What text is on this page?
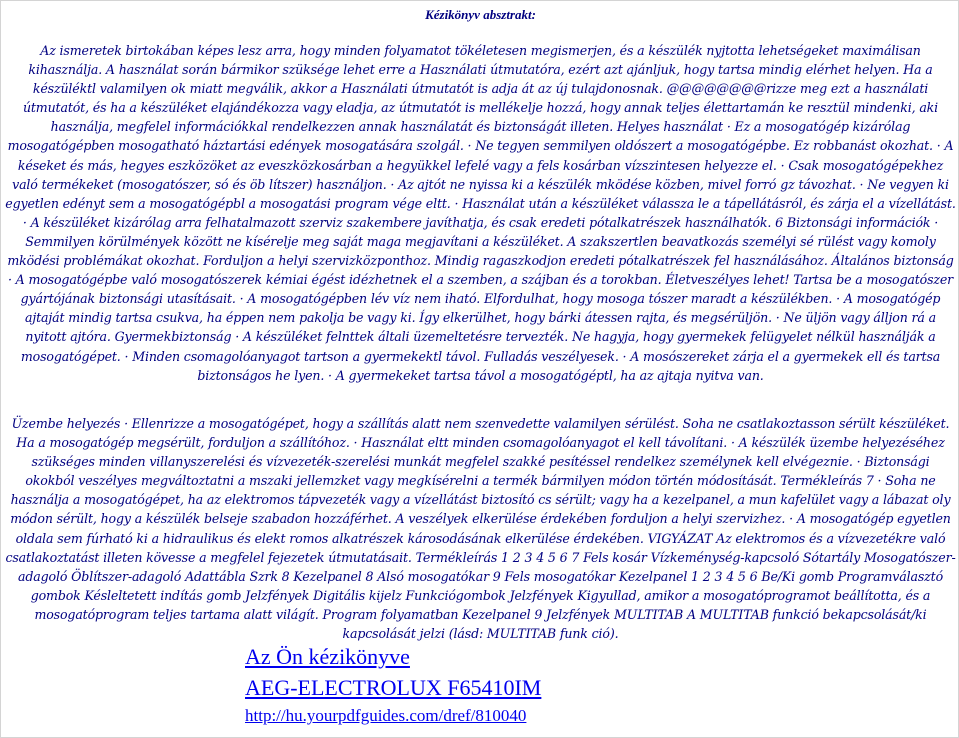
Kézikönyv absztrakt:
Az ismeretek birtokában képes lesz arra, hogy minden folyamatot tökéletesen megismerjen, és a készülék nyjtotta lehetségeket maximálisan kihasználja. A használat során bármikor szüksége lehet erre a Használati útmutatóra, ezért azt ajánljuk, hogy tartsa mindig elérhet helyen. Ha a készüléktl valamilyen ok miatt megválik, akkor a Használati útmutatót is adja át az új tulajdonosnak. @@@@@@@@rizze meg ezt a használati útmutatót, és ha a készüléket elajándékozza vagy eladja, az útmutatót is mellékelje hozzá, hogy annak teljes élettartamán ke resztül mindenki, aki használja, megfelel információkkal rendelkezzen annak használatát és biztonságát illeten. Helyes használat · Ez a mosogatógép kizárólag mosogatógépben mosogatható háztartási edények mosogatására szolgál. · Ne tegyen semmilyen oldószert a mosogatógépbe. Ez robbanást okozhat. · A késeket és más, hegyes eszközöket az eveszközkosárban a hegyükkel lefelé vagy a fels kosárban vízszintesen helyezze el. · Csak mosogatógépekhez való termékeket (mosogatószer, só és öb lítszer) használjon. · Az ajtót ne nyissa ki a készülék mködése közben, mivel forró gz távozhat. · Ne vegyen ki egyetlen edényt sem a mosogatógépbl a mosogatási program vége eltt. · Használat után a készüléket válassza le a tápellátásról, és zárja el a vízellátást. · A készüléket kizárólag arra felhatalmazott szerviz szakembere javíthatja, és csak eredeti pótalkatrészek használhatók. 6 Biztonsági információk · Semmilyen körülmények között ne kísérelje meg saját maga megjavítani a készüléket. A szakszertlen beavatkozás személyi sé rülést vagy komoly mködési problémákat okozhat. Forduljon a helyi szervizközponthoz. Mindig ragaszkodjon eredeti pótalkatrészek fel használásához. Általános biztonság · A mosogatógépbe való mosogatószerek kémiai égést idézhetnek el a szemben, a szájban és a torokban. Életveszélyes lehet! Tartsa be a mosogatószer gyártójának biztonsági utasításait. · A mosogatógépben lév víz nem iható. Elfordulhat, hogy mosoga tószer maradt a készülékben. · A mosogatógép ajtaját mindig tartsa csukva, ha éppen nem pakolja be vagy ki. Így elkerülhet, hogy bárki átessen rajta, és megsérüljön. · Ne üljön vagy álljon rá a nyitott ajtóra. Gyermekbiztonság · A készüléket felnttek általi üzemeltetésre tervezték. Ne hagyja, hogy gyermekek felügyelet nélkül használják a mosogatógépet. · Minden csomagolóanyagot tartson a gyermekektl távol. Fulladás veszélyesek. · A mosószereket zárja el a gyermekek ell és tartsa biztonságos he lyen. · A gyermekeket tartsa távol a mosogatógéptl, ha az ajtaja nyitva van.
Üzembe helyezés · Ellenrizze a mosogatógépet, hogy a szállítás alatt nem szenvedette valamilyen sérülést. Soha ne csatlakoztasson sérült készüléket. Ha a mosogatógép megsérült, forduljon a szállítóhoz. · Használat eltt minden csomagolóanyagot el kell távolítani. · A készülék üzembe helyezéséhez szükséges minden villanyszerelési és vízvezeték-szerelési munkát megfelel szakké pesítéssel rendelkez személynek kell elvégeznie. · Biztonsági okokból veszélyes megváltoztatni a mszaki jellemzket vagy megkísérelni a termék bármilyen módon történ módosítását. Termékleírás 7 · Soha ne használja a mosogatógépet, ha az elektromos tápvezeték vagy a vízellátást biztosító cs sérült; vagy ha a kezelpanel, a mun kafelület vagy a lábazat oly módon sérült, hogy a készülék belseje szabadon hozzáférhet. A veszélyek elkerülése érdekében forduljon a helyi szervizhez. · A mosogatógép egyetlen oldala sem fúrható ki a hidraulikus és elekt romos alkatrészek károsodásának elkerülése érdekében. VIGYÁZAT Az elektromos és a vízvezetékre való csatlakoztatást illeten kövesse a megfelel fejezetek útmutatásait. Termékleírás 1 2 3 4 5 6 7 Fels kosár Vízkeménység-kapcsoló Sótartály Mosogatószer-adagoló Öblítszer-adagoló Adattábla Szrk 8 Kezelpanel 8 Alsó mosogatókar 9 Fels mosogatókar Kezelpanel 1 2 3 4 5 6 Be/Ki gomb Programválasztó gombok Késleltetett indítás gomb Jelzfények Digitális kijelz Funkciógombok Jelzfények Kigyullad, amikor a mosogatóprogramot beállította, és a mosogatóprogram teljes tartama alatt világít. Program folyamatban Kezelpanel 9 Jelzfények MULTITAB A MULTITAB funkció bekapcsolását/ki kapcsolását jelzi (lásd: MULTITAB funk ció).
Az Ön kézikönyve
AEG-ELECTROLUX F65410IM
http://hu.yourpdfguides.com/dref/810040
